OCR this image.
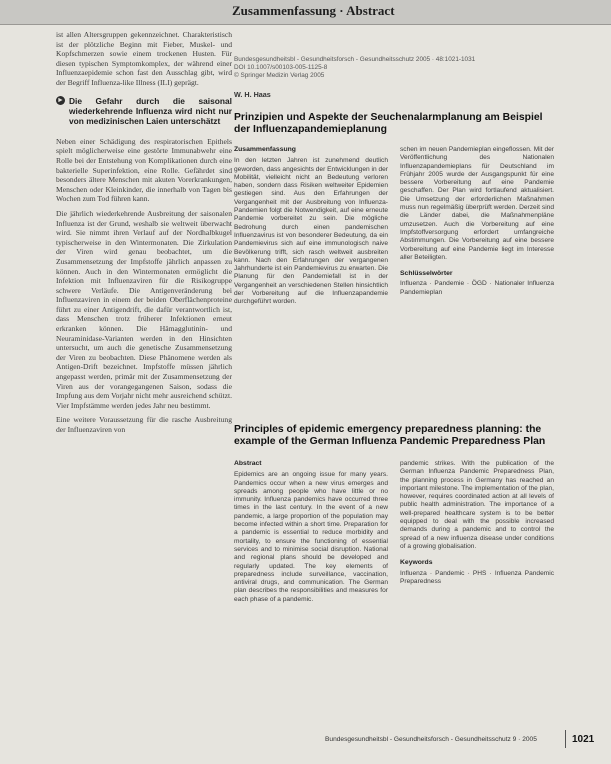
Zusammenfassung · Abstract

ist allen Altersgruppen gekennzeichnet. Charakteristisch ist der plötzliche Beginn mit Fieber, Muskel- und Kopfschmerzen sowie einem trockenen Husten. Für diesen typischen Symptomkomplex, der während einer Influenzaepidemie schon fast den Ausschlag gibt, wird der Begriff Influenza-like Illness (ILI) geprägt.

► Die Gefahr durch die saisonal wiederkehrende Influenza wird nicht nur von medizinischen Laien unterschätzt

Neben einer Schädigung des respiratorischen Epithels spielt möglicherweise eine gestörte Immunabwehr eine Rolle bei der Entstehung von Komplikationen durch eine bakterielle Superinfektion, eine Rolle. Gefährdet sind besonders ältere Menschen mit akuten Vorerkrankungen, Menschen oder Kleinkinder, die innerhalb von Tagen bis Wochen zum Tod führen kann.

Die jährlich wiederkehrende Ausbreitung der saisonalen Influenza ist der Grund, weshalb sie weltweit überwacht wird. Sie nimmt ihren Verlauf auf der Nordhalbkugel typischerweise in den Wintermonaten. Die Zirkulation der Viren wird genau beobachtet, um die Zusammensetzung der Impfstoffe jährlich anpassen zu können. Auch in den Wintermonaten ermöglicht die Infektion mit Influenzaviren für die Risikogruppe schwere Verläufe. Die Antigenveränderung bei Influenzaviren in einem der beiden Oberflächenproteine führt zu einer Antigendrift, die dafür verantwortlich ist, dass Menschen trotz früherer Infektionen erneut erkranken können. Die Hämagglutinin- und Neuraminidase-Varianten werden in den Hinsichten untersucht, um auch die genetische Zusammensetzung der Viren zu beobachten. Diese Phänomene werden als Antigen-Drift bezeichnet. Impfstoffe müssen jährlich angepasst werden, primär mit der Zusammensetzung der Viren aus der vorangegangenen Saison, sodass die Impfung aus dem Vorjahr nicht mehr ausreichend schützt. Vier Impfstämme werden jedes Jahr neu bestimmt.

Eine weitere Voraussetzung für die rasche Ausbreitung der Influenzaviren von

Bundesgesundheitsbl - Gesundheitsforsch - Gesundheitsschutz 2005 · 48:1021-1031
DOI 10.1007/s00103-005-1125-8
© Springer Medizin Verlag 2005
W. H. Haas
Prinzipien und Aspekte der Seuchenalarmplanung am Beispiel der Influenzapandemieplanung
Zusammenfassung
In den letzten Jahren ist zunehmend deutlich geworden, dass angesichts der Entwicklungen in der Mobilität, vielleicht nicht an Bedeutung verloren haben, sondern dass Risiken weltweiter Epidemien gestiegen sind. Aus den Erfahrungen der Vergangenheit mit der Ausbreitung von Influenza-Pandemien folgt die Notwendigkeit, auf eine erneute Pandemie vorbereitet zu sein. Die mögliche Bedrohung durch einen pandemischen Influenzavirus ist von besonderer Bedeutung, da ein Pandemievirus sich auf eine immunologisch naive Bevölkerung trifft, sich rasch weltweit ausbreiten kann. Nach den Erfahrungen der vergangenen Jahrhunderte ist ein Pandemievirus zu erwarten. Die Planung für den Pandemiefall ist in der Vergangenheit an verschiedenen Stellen hinsichtlich der Vorbereitung auf die Influenzapandemie durchgeführt worden.
schen im neuen Pandemieplan eingeflossen. Mit der Veröffentlichung des Nationalen Influenzapandemieplans für Deutschland im Frühjahr 2005 wurde der Ausgangspunkt für eine bessere Vorbereitung auf eine Pandemie geschaffen. Der Plan wird fortlaufend aktualisiert. Die Umsetzung der erforderlichen Maßnahmen muss nun regelmäßig überprüft werden. Derzeit sind die Länder dabei, die Maßnahmenpläne umzusetzen. Auch die Vorbereitung auf eine Impfstoffversorgung erfordert umfangreiche Abstimmungen. Die Vorbereitung auf eine bessere Vorbereitung auf eine Pandemie liegt im Interesse aller Beteiligten.
Schlüsselwörter
Influenza · Pandemie · ÖGD · Nationaler Influenza Pandemieplan
Principles of epidemic emergency preparedness planning: the example of the German Influenza Pandemic Preparedness Plan
Abstract
Epidemics are an ongoing issue for many years. Pandemics occur when a new virus emerges and spreads among people who have little or no immunity. Influenza pandemics have occurred three times in the last century. In the event of a new pandemic, a large proportion of the population may become infected within a short time. Preparation for a pandemic is essential to reduce morbidity and mortality, to ensure the functioning of essential services and to minimise social disruption. National and regional plans should be developed and regularly updated. The key elements of preparedness include surveillance, vaccination, antiviral drugs, and communication. The German plan describes the responsibilities and measures for each phase of a pandemic.
pandemic strikes. With the publication of the German Influenza Pandemic Preparedness Plan, the planning process in Germany has reached an important milestone. The implementation of the plan, however, requires coordinated action at all levels of public health administration. The importance of a well-prepared healthcare system is to be better equipped to deal with the possible increased demands during a pandemic and to control the spread of a new influenza disease under conditions of a growing globalisation.
Keywords
Influenza · Pandemic · PHS · Influenza Pandemic Preparedness
Bundesgesundheitsbl - Gesundheitsforsch - Gesundheitsschutz 9 · 2005	1021
